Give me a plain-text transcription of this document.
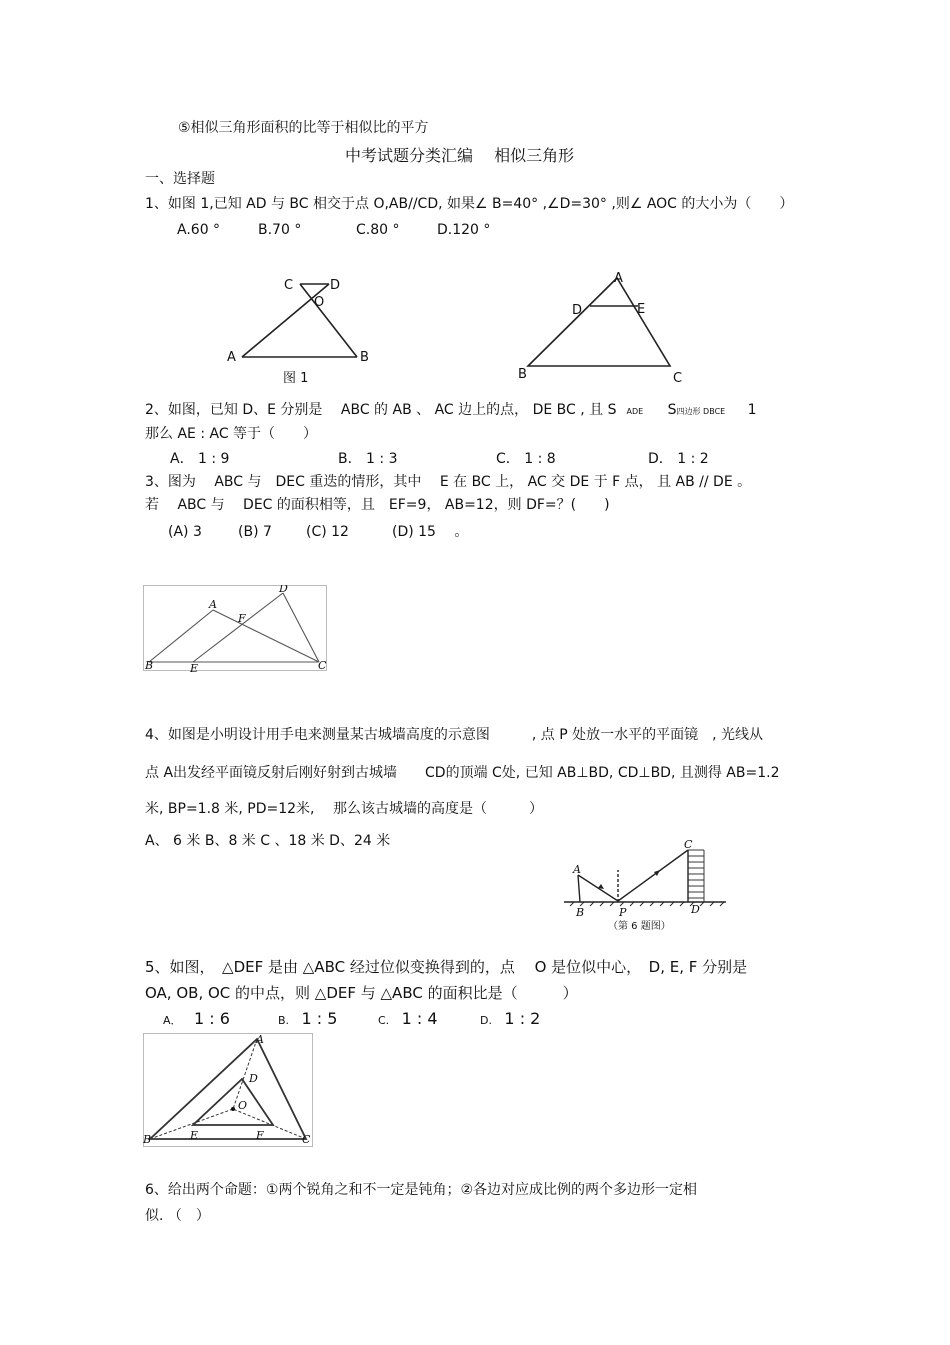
⑤相似三角形面积的比等于相似比的平方
中考试题分类汇编　 相似三角形
一、选择题
1、如图 1,已知 AD 与 BC 相交于点 O,AB//CD, 如果∠ B=40° ,∠D=30° ,则∠ AOC 的大小为（　　）
A.60 °	B.70 °	C.80 °	D.120 °
C	D
O
A	B
图 1
A
D	E
B	C
2、如图，已知 D、E 分别是　 ABC 的 AB 、 AC 边上的点， DE BC , 且 S ADE S四边形 DBCE 1
那么 AE : AC 等于（　　）
A． 1 : 9	B． 1 : 3	C． 1 : 8	D． 1 : 2
3、图为　 ABC 与　DEC 重迭的情形，其中　 E 在 BC 上， AC 交 DE 于 F 点， 且 AB // DE 。
若　 ABC 与　 DEC 的面积相等，且　EF=9， AB=12，则 DF=？(　　)
(A) 3	(B) 7 (C) 12	(D) 15 　。
A
B	C
D
E
F
4、如图是小明设计用手电来测量某古城墙高度的示意图　　　, 点 P 处放一水平的平面镜　, 光线从
点 A出发经平面镜反射后刚好射到古城墙　　CD的顶端 C处, 已知 AB⊥BD, CD⊥BD, 且测得 AB=1.2
米, BP=1.8 米, PD=12米,　 那么该古城墙的高度是（　　　）
A、 6 米 B、8 米 C 、18 米 D、24 米
A
B	P
C
D
（第 6 题图）
5、如图，　△DEF 是由 △ABC 经过位似变换得到的，点　 O 是位似中心，　D, E, F 分别是
OA, OB, OC 的中点，则 △DEF 与 △ABC 的面积比是（　　　）
A． 1 : 6	B. 1 : 5	C. 1 : 4	D. 1 : 2
A
B	C
D
E	F
O
6、给出两个命题：①两个锐角之和不一定是钝角；②各边对应成比例的两个多边形一定相
似. （　）
